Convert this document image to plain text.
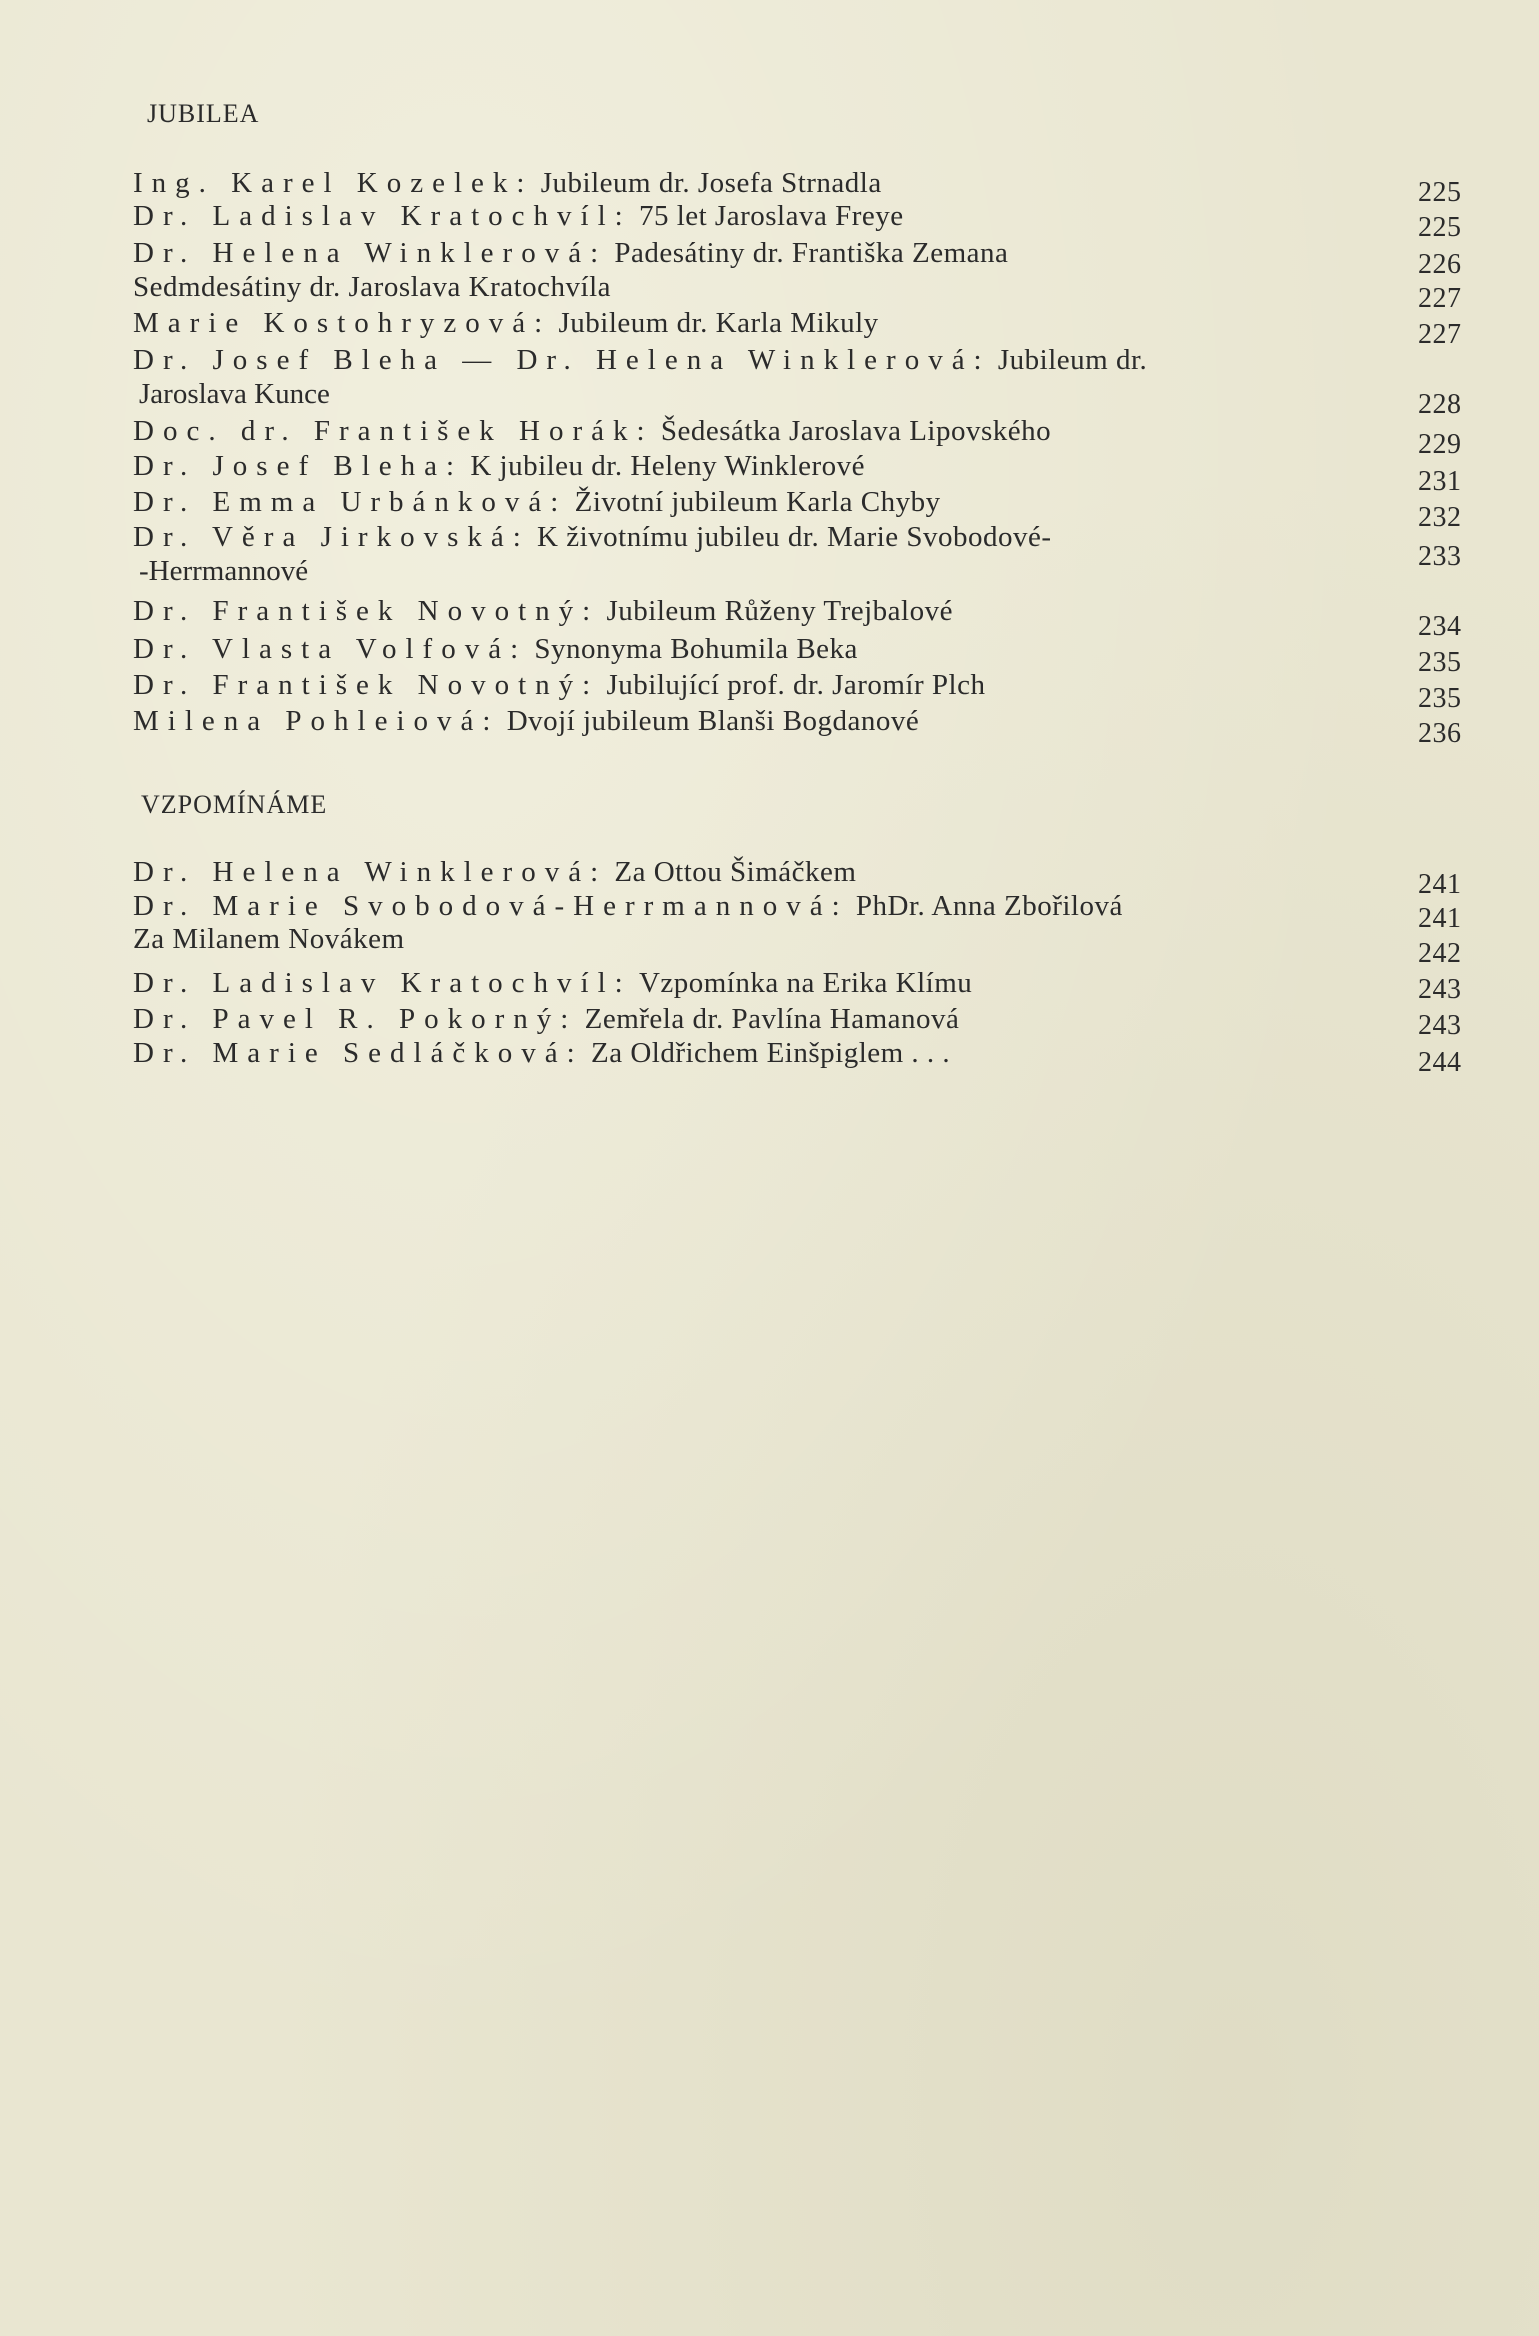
JUBILEA
Ing. Karel Kozelek: Jubileum dr. Josefa Strnadla	225
Dr. Ladislav Kratochvíl: 75 let Jaroslava Freye	225
Dr. Helena Winklerová: Padesátiny dr. Františka Zemana	226
Sedmdesátiny dr. Jaroslava Kratochvíla	227
Marie Kostohryzová: Jubileum dr. Karla Mikuly	227
Dr. Josef Bleha — Dr. Helena Winklerová: Jubileum dr.
Jaroslava Kunce	228
Doc. dr. František Horák: Šedesátka Jaroslava Lipovského	229
Dr. Josef Bleha: K jubileu dr. Heleny Winklerové	231
Dr. Emma Urbánková: Životní jubileum Karla Chyby	232
Dr. Věra Jirkovská: K životnímu jubileu dr. Marie Svobodové-
-Herrmannové	233
Dr. František Novotný: Jubileum Růženy Trejbalové	234
Dr. Vlasta Volfová: Synonyma Bohumila Beka	235
Dr. František Novotný: Jubilující prof. dr. Jaromír Plch	235
Milena Pohleiová: Dvojí jubileum Blanši Bogdanové	236
VZPOMÍNÁME
Dr. Helena Winklerová: Za Ottou Šimáčkem	241
Dr. Marie Svobodová-Herrmannová: PhDr. Anna Zbořilová	241
Za Milanem Novákem	242
Dr. Ladislav Kratochvíl: Vzpomínka na Erika Klímu	243
Dr. Pavel R. Pokorný: Zemřela dr. Pavlína Hamanová	243
Dr. Marie Sedláčková: Za Oldřichem Einšpiglem . . .	244
